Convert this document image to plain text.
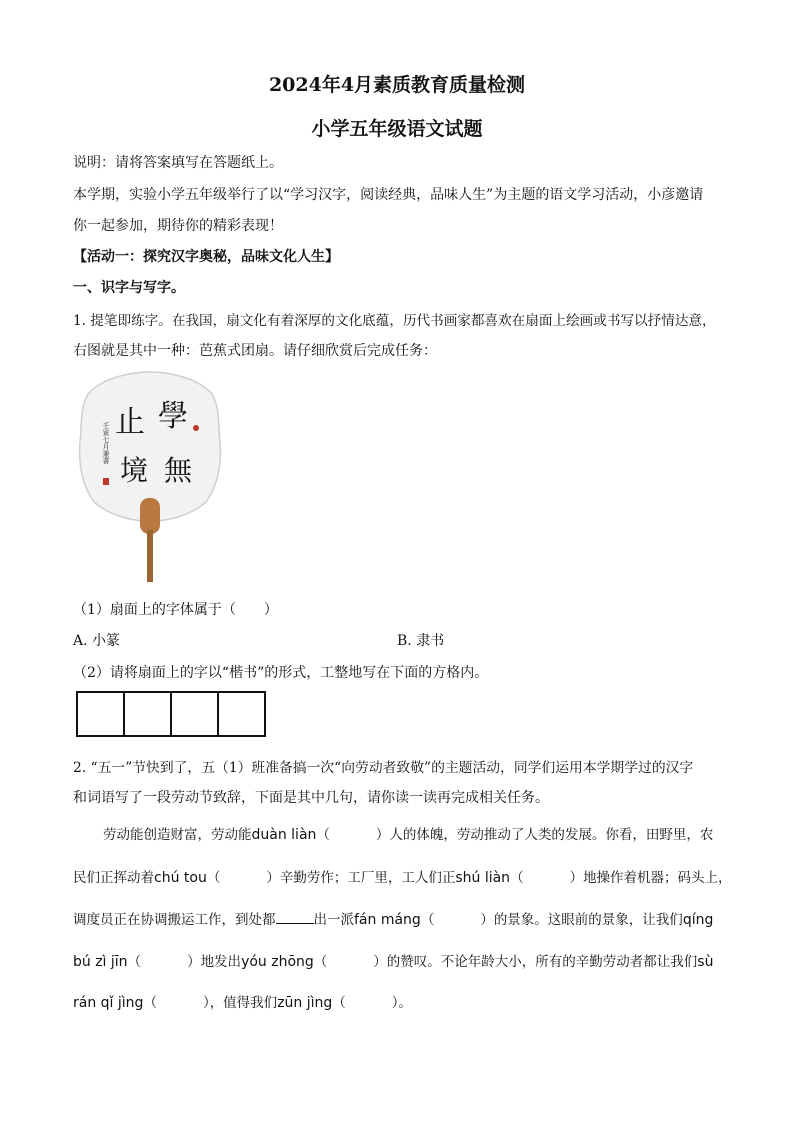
2024年4月素质教育质量检测
小学五年级语文试题
说明：请将答案填写在答题纸上。
本学期，实验小学五年级举行了以“学习汉字，阅读经典，品味人生”为主题的语文学习活动，小彦邀请
你一起参加，期待你的精彩表现！
【活动一：探究汉字奥秘，品味文化人生】
一、识字与写字。
1. 提笔即练字。在我国，扇文化有着深厚的文化底蕴，历代书画家都喜欢在扇面上绘画或书写以抒情达意，
右图就是其中一种：芭蕉式团扇。请仔细欣赏后完成任务：
學
止
無
境
壬寅七月兼書
（1）扇面上的字体属于（　　）
A. 小篆	B. 隶书
（2）请将扇面上的字以“楷书”的形式，工整地写在下面的方格内。
2. “五一”节快到了，五（1）班准备搞一次“向劳动者致敬”的主题活动，同学们运用本学期学过的汉字
和词语写了一段劳动节致辞，下面是其中几句，请你读一读再完成相关任务。
劳动能创造财富，劳动能duàn liàn（	）人的体魄，劳动推动了人类的发展。你看，田野里，农
民们正挥动着chú tou（	）辛勤劳作；工厂里，工人们正shú liàn（	）地操作着机器；码头上，
调度员正在协调搬运工作，到处都	出一派fán máng（	）的景象。这眼前的景象，让我们qíng
bú zì jīn（	）地发出yóu zhōng（	）的赞叹。不论年龄大小，所有的辛勤劳动者都让我们sù
rán qǐ jìng（	），值得我们zūn jìng（	）。
